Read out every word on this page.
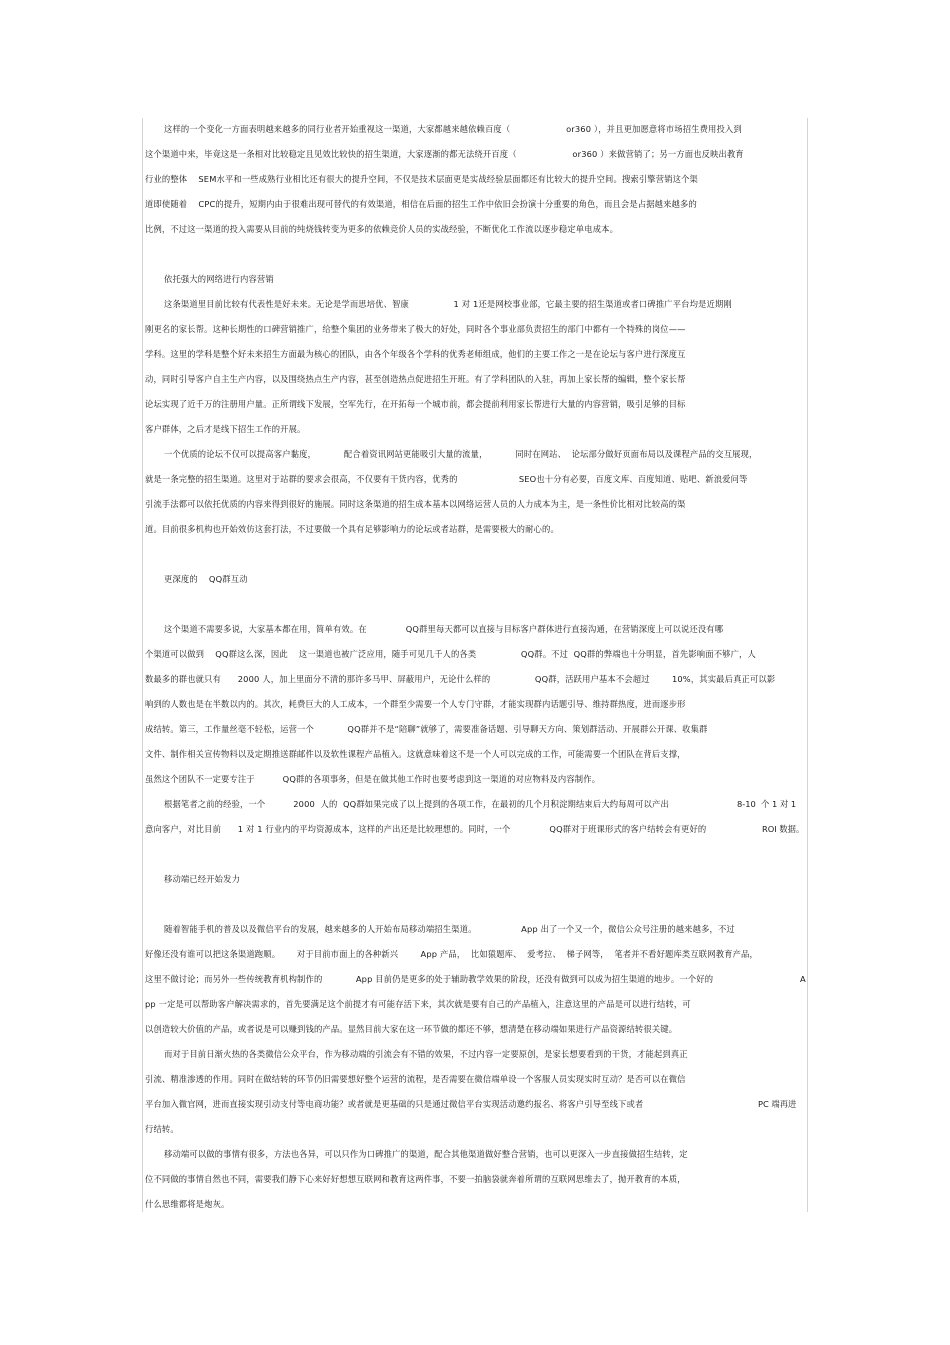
这样的一个变化一方面表明越来越多的同行业者开始重视这一渠道，大家都越来越依赖百度（                    or360 ），并且更加愿意将市场招生费用投入到
这个渠道中来，毕竟这是一条相对比较稳定且见效比较快的招生渠道，大家逐渐的都无法绕开百度（                    or360 ）来做营销了；另一方面也反映出教育
行业的整体    SEM水平和一些成熟行业相比还有很大的提升空间，不仅是技术层面更是实战经验层面都还有比较大的提升空间。搜索引擎营销这个渠
道即使随着    CPC的提升，短期内由于很难出现可替代的有效渠道，相信在后面的招生工作中依旧会扮演十分重要的角色，而且会是占据越来越多的
比例，不过这一渠道的投入需要从目前的纯烧钱转变为更多的依赖竞价人员的实战经验，不断优化工作流以逐步稳定单电成本。
依托强大的网络进行内容营销
这条渠道里目前比较有代表性是好未来。无论是学而思培优、智康                1 对 1还是网校事业部，它最主要的招生渠道或者口碑推广平台均是近期刚
刚更名的家长帮。这种长期性的口碑营销推广，给整个集团的业务带来了极大的好处，同时各个事业部负责招生的部门中都有一个特殊的岗位——
学科。这里的学科是整个好未来招生方面最为核心的团队，由各个年级各个学科的优秀老师组成，他们的主要工作之一是在论坛与客户进行深度互
动，同时引导客户自主生产内容，以及围绕热点生产内容，甚至创造热点促进招生开班。有了学科团队的入驻，再加上家长帮的编辑，整个家长帮
论坛实现了近千万的注册用户量。正所谓线下发展，空军先行，在开拓每一个城市前，都会提前利用家长帮进行大量的内容营销，吸引足够的目标
客户群体，之后才是线下招生工作的开展。
一个优质的论坛不仅可以提高客户黏度，          配合着资讯网站更能吸引大量的流量，          同时在网站、  论坛部分做好页面布局以及课程产品的交互展现，
就是一条完整的招生渠道。这里对于站群的要求会很高，不仅要有干货内容，优秀的                      SEO也十分有必要，百度文库、百度知道、贴吧、新浪爱问等
引流手法都可以依托优质的内容来得到很好的施展。同时这条渠道的招生成本基本以网络运营人员的人力成本为主，是一条性价比相对比较高的渠
道。目前很多机构也开始效仿这套打法，不过要做一个具有足够影响力的论坛或者站群，是需要极大的耐心的。
更深度的    QQ群互动
这个渠道不需要多说，大家基本都在用，简单有效。在              QQ群里每天都可以直接与目标客户群体进行直接沟通，在营销深度上可以说还没有哪
个渠道可以做到    QQ群这么深，因此    这一渠道也被广泛应用，随手可见几千人的各类                QQ群。不过  QQ群的弊端也十分明显，首先影响面不够广，人
数最多的群也就只有      2000 人，加上里面分不清的那许多马甲、屏蔽用户，无论什么样的                QQ群，活跃用户基本不会超过        10%，其实最后真正可以影
响到的人数也是在半数以内的。其次，耗费巨大的人工成本，一个群至少需要一个人专门守群，才能实现群内话题引导、维持群热度，进而逐步形
成结转。第三，工作量丝毫不轻松，运营一个            QQ群并不是“陪聊”就够了，需要准备话题、引导聊天方向、策划群活动、开展群公开课、收集群
文件、制作相关宣传物料以及定期推送群邮件以及软性课程产品植入。这就意味着这不是一个人可以完成的工作，可能需要一个团队在背后支撑，
虽然这个团队不一定要专注于          QQ群的各项事务，但是在做其他工作时也要考虑到这一渠道的对应物料及内容制作。
根据笔者之前的经验，一个          2000  人的  QQ群如果完成了以上提到的各项工作，在最初的几个月积淀期结束后大约每周可以产出
意向客户，对比目前      1 对 1 行业内的平均资源成本，这样的产出还是比较理想的。同时，一个              QQ群对于班课形式的客户结转会有更好的
移动端已经开始发力
随着智能手机的普及以及微信平台的发展，越来越多的人开始布局移动端招生渠道。                App 出了一个又一个，微信公众号注册的越来越多，不过
好像还没有谁可以把这条渠道跑顺。      对于目前市面上的各种新兴        App 产品，  比如猿题库、  爱考拉、  梯子网等，  笔者并不看好题库类互联网教育产品，
这里不做讨论；而另外一些传统教育机构制作的            App 目前仍是更多的处于辅助教学效果的阶段，还没有做到可以成为招生渠道的地步。一个好的
pp 一定是可以帮助客户解决需求的，首先要满足这个前提才有可能存活下来，其次就是要有自己的产品植入，注意这里的产品是可以进行结转，可
以创造较大价值的产品，或者说是可以赚到钱的产品。显然目前大家在这一环节做的都还不够，想清楚在移动端如果进行产品资源结转很关键。
而对于目前日渐火热的各类微信公众平台，作为移动端的引流会有不错的效果，不过内容一定要原创，是家长想要看到的干货，才能起到真正
引流、精准渗透的作用。同时在做结转的环节仍旧需要想好整个运营的流程，是否需要在微信端单设一个客服人员实现实时互动？是否可以在微信
平台加入微官网，进而直接实现引动支付等电商功能？或者就是更基础的只是通过微信平台实现活动邀约报名、将客户引导至线下或者
行结转。
移动端可以做的事情有很多，方法也各异，可以只作为口碑推广的渠道，配合其他渠道做好整合营销，也可以更深入一步直接做招生结转，定
位不同做的事情自然也不同，需要我们静下心来好好想想互联网和教育这两件事，不要一拍脑袋就奔着所谓的互联网思维去了，抛开教育的本质，
什么思维都将是炮灰。
8-10  个 1 对 1
ROI 数据。
A
PC 端再进
